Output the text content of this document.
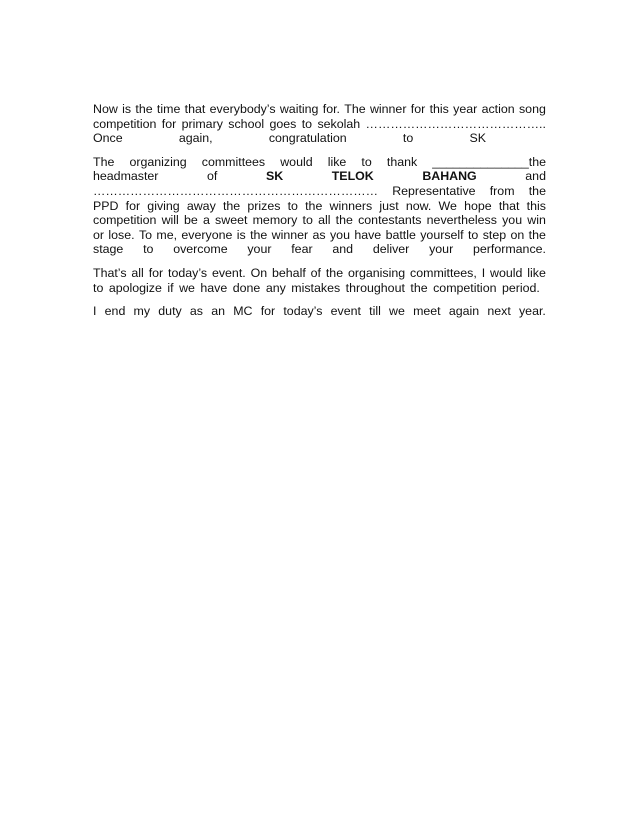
Now is the time that everybody’s waiting for. The winner for this year action song
competition for primary school goes to sekolah ……………………………………..
Once	again,	congratulation	to	SK
The organizing committees would like to thank ______________the
headmaster	of	SK	TELOK	BAHANG	and
…………………………………………………………… Representative from the
PPD for giving away the prizes to the winners just now. We hope that this
competition will be a sweet memory to all the contestants nevertheless you win
or lose. To me, everyone is the winner as you have battle yourself to step on the
stage to overcome your fear and deliver your performance.
That’s all for today’s event. On behalf of the organising committees, I would like
to apologize if we have done any mistakes throughout the competition period.
I end my duty as an MC for today’s event till we meet again next year.
